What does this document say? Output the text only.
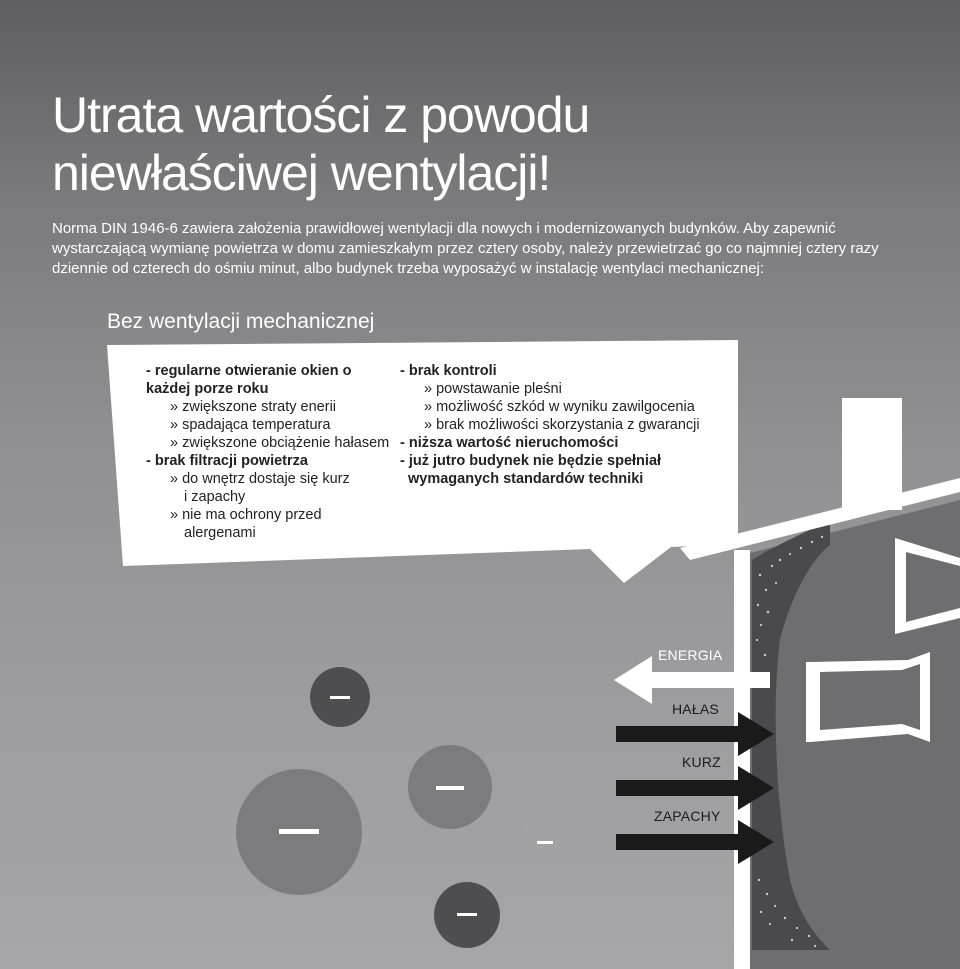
Utrata wartości z powodu
niewłaściwej wentylacji!

Norma DIN 1946-6 zawiera założenia prawidłowej wentylacji dla nowych i modernizowanych budynków. Aby zapewnić wystarczającą wymianę powietrza w domu zamieszkałym przez cztery osoby, należy przewietrzać go co najmniej cztery razy dziennie od czterech do ośmiu minut, albo budynek trzeba wyposażyć w instalację wentylaci mechanicznej:

Bez wentylacji mechanicznej
- regularne otwieranie okien o
każdej porze roku
» zwiększone straty enerii
» spadająca temperatura
» zwiększone obciążenie hałasem
- brak filtracji powietrza
» do wnętrz dostaje się kurz
i zapachy
» nie ma ochrony przed
alergenami
- brak kontroli
» powstawanie pleśni
» możliwość szkód w wyniku zawilgocenia
» brak możliwości skorzystania z gwarancji
- niższa wartość nieruchomości
- już jutro budynek nie będzie spełniał
wymaganych standardów techniki
ENERGIA
HAŁAS
KURZ
ZAPACHY
